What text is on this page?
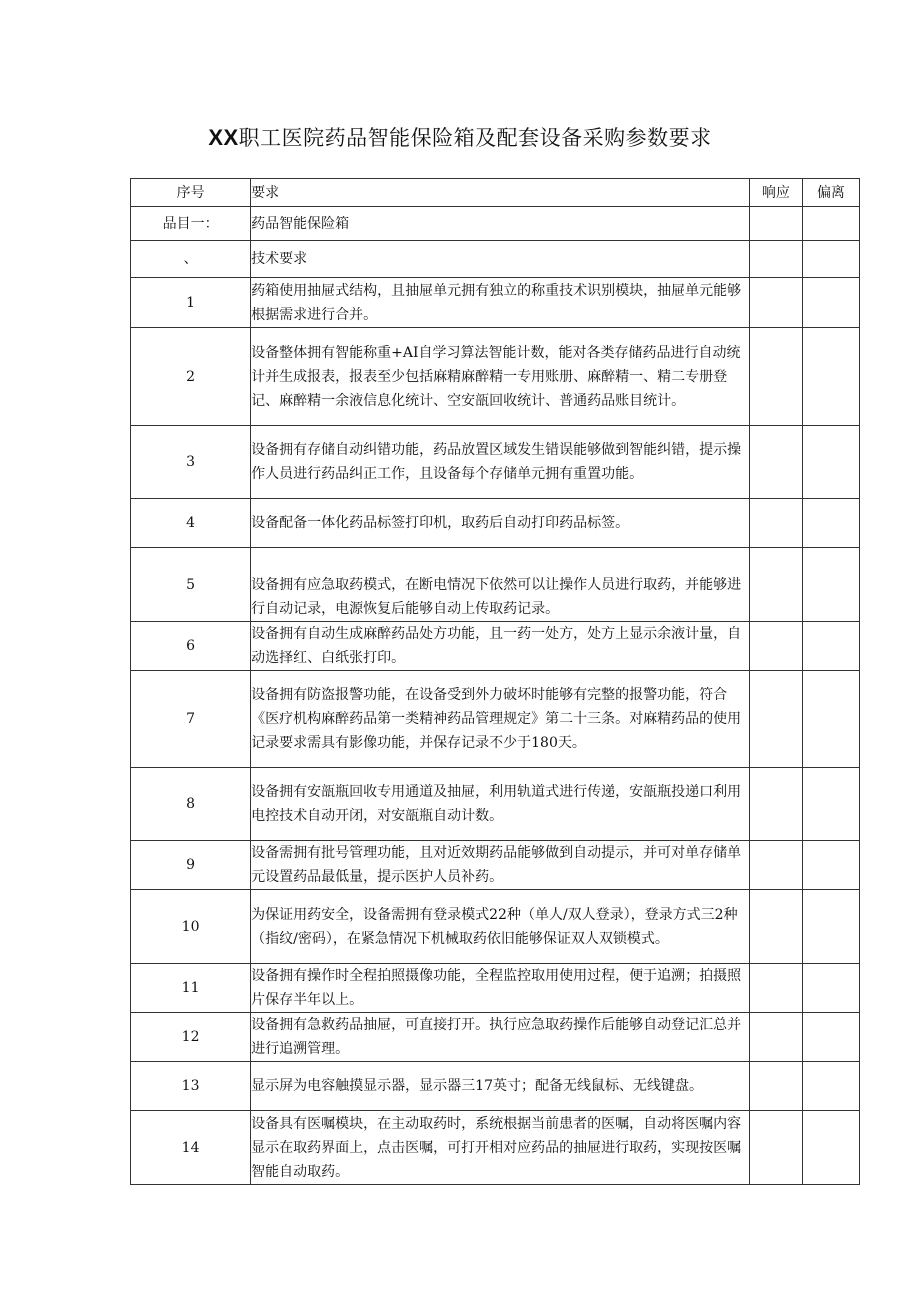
XX职工医院药品智能保险箱及配套设备采购参数要求
序号	要求	响应	偏离
品目一：	药品智能保险箱		
、	技术要求		
1	药箱使用抽屉式结构，且抽屉单元拥有独立的称重技术识别模块，抽屉单元能够根据需求进行合并。		
2	设备整体拥有智能称重+AI自学习算法智能计数，能对各类存储药品进行自动统计并生成报表，报表至少包括麻精麻醉精一专用账册、麻醉精一、精二专册登记、麻醉精一余液信息化统计、空安瓿回收统计、普通药品账目统计。		
3	设备拥有存储自动纠错功能，药品放置区域发生错误能够做到智能纠错，提示操作人员进行药品纠正工作，且设备每个存储单元拥有重置功能。		
4	设备配备一体化药品标签打印机，取药后自动打印药品标签。		
5	设备拥有应急取药模式，在断电情况下依然可以让操作人员进行取药，并能够进行自动记录，电源恢复后能够自动上传取药记录。		
6	设备拥有自动生成麻醉药品处方功能，且一药一处方，处方上显示余液计量，自动选择红、白纸张打印。		
7	设备拥有防盗报警功能，在设备受到外力破坏时能够有完整的报警功能，符合《医疗机构麻醉药品第一类精神药品管理规定》第二十三条。对麻精药品的使用记录要求需具有影像功能，并保存记录不少于180天。		
8	设备拥有安瓿瓶回收专用通道及抽屉，利用轨道式进行传递，安瓿瓶投递口利用电控技术自动开闭，对安瓿瓶自动计数。		
9	设备需拥有批号管理功能，且对近效期药品能够做到自动提示，并可对单存储单元设置药品最低量，提示医护人员补药。		
10	为保证用药安全，设备需拥有登录模式22种（单人/双人登录），登录方式三2种（指纹/密码），在紧急情况下机械取药依旧能够保证双人双锁模式。		
11	设备拥有操作时全程拍照摄像功能，全程监控取用使用过程，便于追溯；拍摄照片保存半年以上。		
12	设备拥有急救药品抽屉，可直接打开。执行应急取药操作后能够自动登记汇总并进行追溯管理。		
13	显示屏为电容触摸显示器，显示器三17英寸；配备无线鼠标、无线键盘。		
14	设备具有医嘱模块，在主动取药时，系统根据当前患者的医嘱，自动将医嘱内容显示在取药界面上，点击医嘱，可打开相对应药品的抽屉进行取药，实现按医嘱智能自动取药。		
